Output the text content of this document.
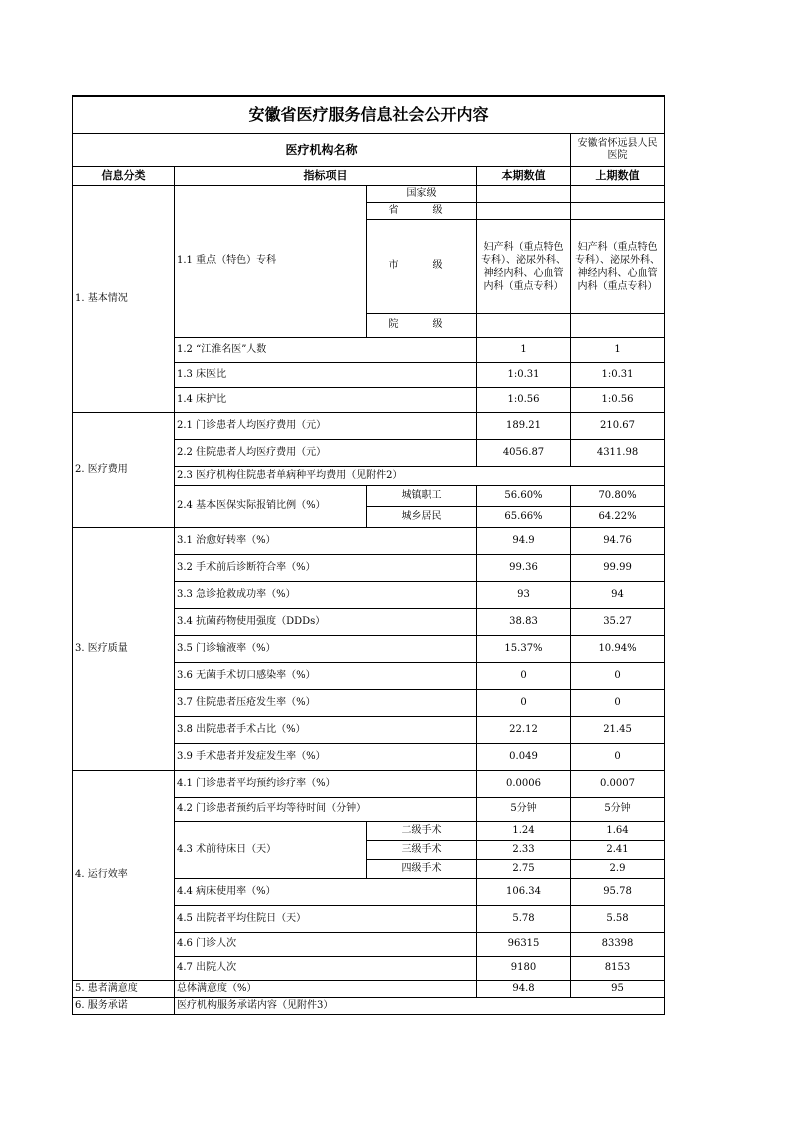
安徽省医疗服务信息社会公开内容				
医疗机构名称				安徽省怀远县人民医院
信息分类	指标项目		本期数值	上期数值
1. 基本情况	1.1 重点（特色）专科	国家级		
		省　级		
		市　级	妇产科（重点特色专科）、泌尿外科、神经内科、心血管内科（重点专科）	妇产科（重点特色专科）、泌尿外科、神经内科、心血管内科（重点专科）
		院　级		
	1.2 “江淮名医”人数		1	1
	1.3 床医比		1:0.31	1:0.31
	1.4 床护比		1:0.56	1:0.56
2. 医疗费用	2.1 门诊患者人均医疗费用（元）		189.21	210.67
	2.2 住院患者人均医疗费用（元）		4056.87	4311.98
	2.3 医疗机构住院患者单病种平均费用（见附件2）			
	2.4 基本医保实际报销比例（%）	城镇职工	56.60%	70.80%
		城乡居民	65.66%	64.22%
3. 医疗质量	3.1 治愈好转率（%）		94.9	94.76
	3.2 手术前后诊断符合率（%）		99.36	99.99
	3.3 急诊抢救成功率（%）		93	94
	3.4 抗菌药物使用强度（DDDs）		38.83	35.27
	3.5 门诊输液率（%）		15.37%	10.94%
	3.6 无菌手术切口感染率（%）		0	0
	3.7 住院患者压疮发生率（%）		0	0
	3.8 出院患者手术占比（%）		22.12	21.45
	3.9 手术患者并发症发生率（%）		0.049	0
4. 运行效率	4.1 门诊患者平均预约诊疗率（%）		0.0006	0.0007
	4.2 门诊患者预约后平均等待时间（分钟）		5分钟	5分钟
	4.3 术前待床日（天）	二级手术	1.24	1.64
		三级手术	2.33	2.41
		四级手术	2.75	2.9
	4.4 病床使用率（%）		106.34	95.78
	4.5 出院者平均住院日（天）		5.78	5.58
	4.6 门诊人次		96315	83398
	4.7 出院人次		9180	8153
5. 患者满意度	总体满意度（%）		94.8	95
6. 服务承诺	医疗机构服务承诺内容（见附件3）			
